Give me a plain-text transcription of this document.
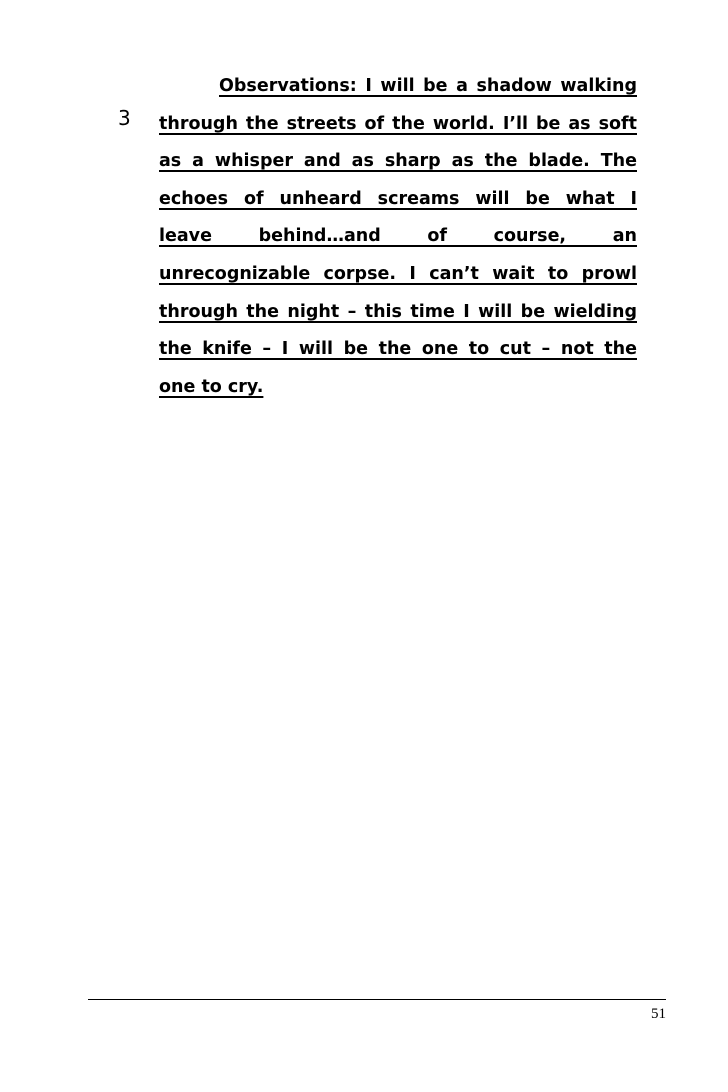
3
Observations: I will be a shadow walking
through the streets of the world. I’ll be as soft
as a whisper and as sharp as the blade. The
echoes of unheard screams will be what I
leave behind…and of course, an
unrecognizable corpse. I can’t wait to prowl
through the night – this time I will be wielding
the knife – I will be the one to cut – not the
one to cry.
51
